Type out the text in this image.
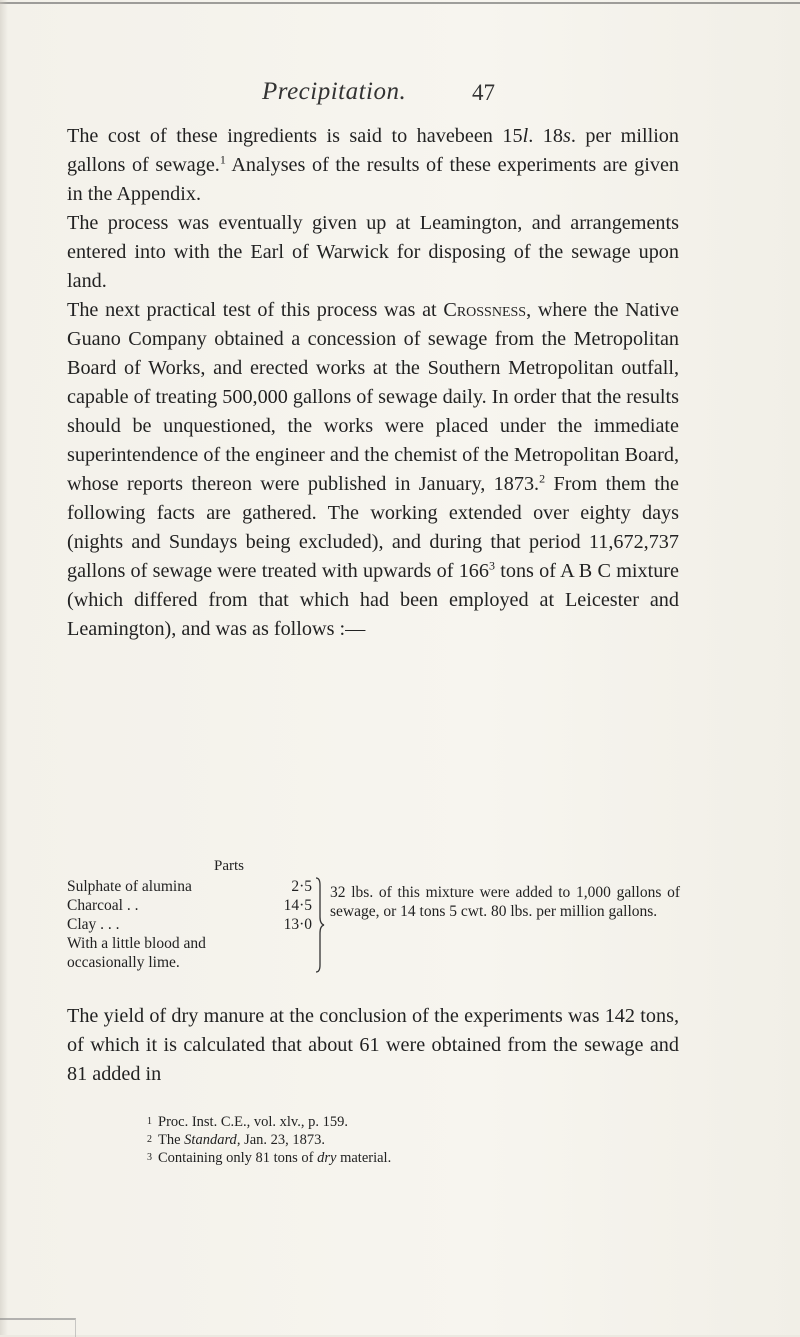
Precipitation.	47

The cost of these ingredients is said to havebeen 15l. 18s. per million gallons of sewage.$^1$ Analyses of the results of these experiments are given in the Appendix.

The process was eventually given up at Leamington, and arrangements entered into with the Earl of Warwick for disposing of the sewage upon land.

The next practical test of this process was at Crossness, where the Native Guano Company obtained a concession of sewage from the Metropolitan Board of Works, and erected works at the Southern Metropolitan outfall, capable of treating 500,000 gallons of sewage daily. In order that the results should be unquestioned, the works were placed under the immediate superintendence of the engineer and the chemist of the Metropolitan Board, whose reports thereon were published in January, 1873.$^2$ From them the following facts are gathered. The working extended over eighty days (nights and Sundays being excluded), and during that period 11,672,737 gallons of sewage were treated with upwards of $166^3$ tons of A B C mixture (which differed from that which had been employed at Leicester and Leamington), and was as follows :—

Parts
Sulphate of alumina	2·5
Charcoal . .	14·5
Clay . . .	13·0
With a little blood and
occasionally lime.
32 lbs. of this mixture were added to 1,000 gallons of sewage, or 14 tons 5 cwt. 80 lbs. per million gallons.

The yield of dry manure at the conclusion of the experiments was 142 tons, of which it is calculated that about 61 were obtained from the sewage and 81 added in

$^1$ Proc. Inst. C.E., vol. xlv., p. 159.
$^2$ The Standard, Jan. 23, 1873.
$^3$ Containing only 81 tons of dry material.
